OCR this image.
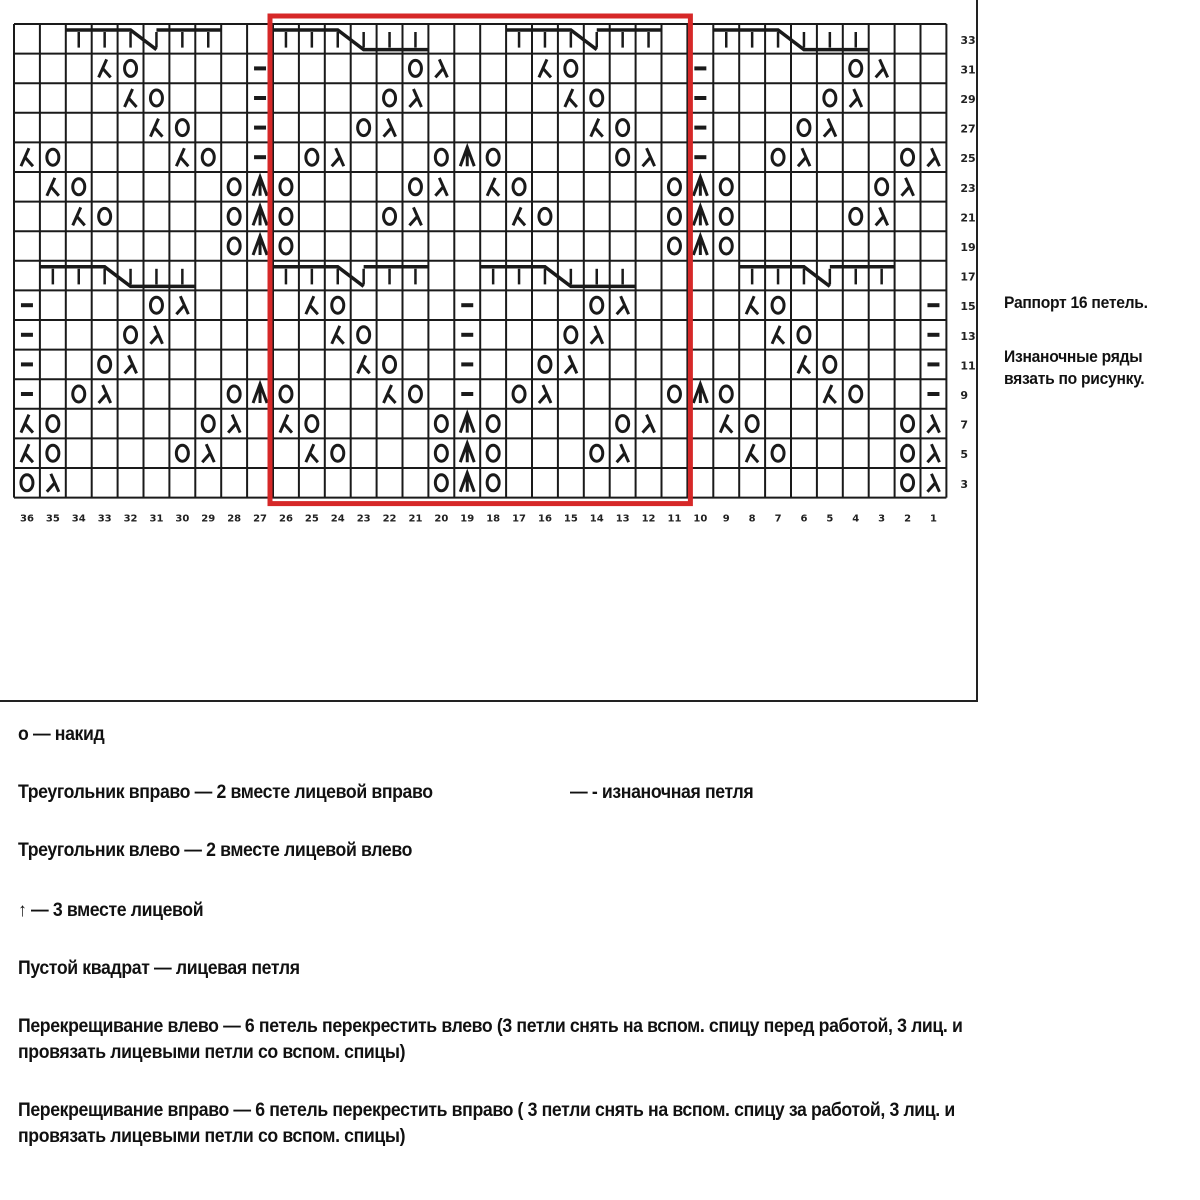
33
31
29
27
25
23
21
19
17
15
13
11
9
7
5
3
36 35 34 33 32 31 30 29 28 27 26 25 24 23 22 21 20 19 18 17 16 15 14 13 12 11 10 9 8 7 6 5 4 3 2 1
Раппорт 16 петель.
Изнаночные ряды
вязать по рисунку.
о — накид
Треугольник вправо — 2 вместе лицевой вправо	— - изнаночная петля
Треугольник влево — 2 вместе лицевой влево
↑ — 3 вместе лицевой
Пустой квадрат — лицевая петля
Перекрещивание влево — 6 петель перекрестить влево (3 петли снять на вспом. спицу перед работой, 3 лиц. и
провязать лицевыми петли со вспом. спицы)
Перекрещивание вправо — 6 петель перекрестить вправо ( 3 петли снять на вспом. спицу за работой, 3 лиц. и
провязать лицевыми петли со вспом. спицы)
